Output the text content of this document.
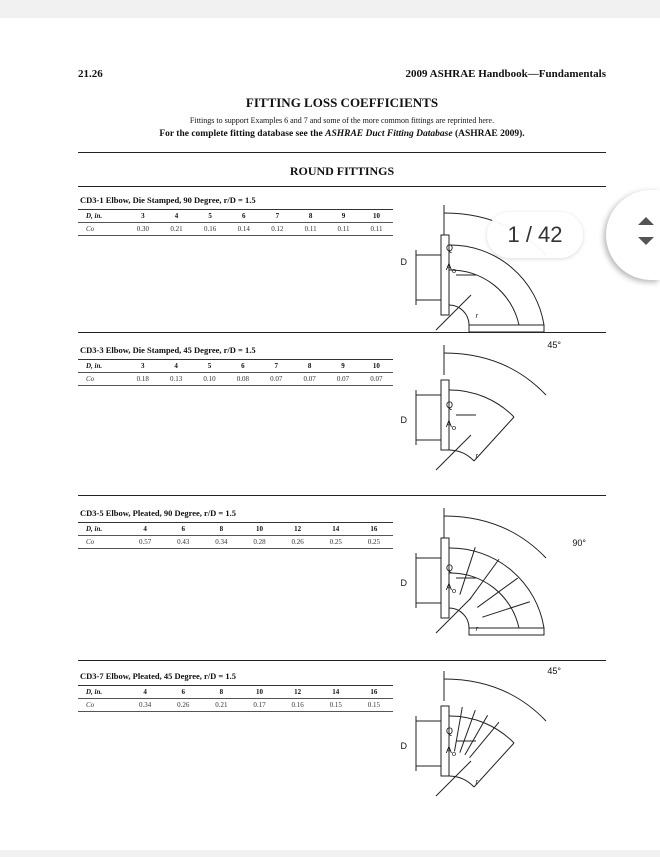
21.26	2009 ASHRAE Handbook—Fundamentals
FITTING LOSS COEFFICIENTS
Fittings to support Examples 6 and 7 and some of the more common fittings are reprinted here.
For the complete fitting database see the ASHRAE Duct Fitting Database (ASHRAE 2009).
ROUND FITTINGS
CD3-1 Elbow, Die Stamped, 90 Degree, r/D = 1.5
D, in.	3	4	5	6	7	8	9	10
Co	0.30	0.21	0.16	0.14	0.12	0.11	0.11	0.11
D
Q
$A_o$
r
CD3-3 Elbow, Die Stamped, 45 Degree, r/D = 1.5
D, in.	3	4	5	6	7	8	9	10
Co	0.18	0.13	0.10	0.08	0.07	0.07	0.07	0.07
D
Q
$A_o$
r
45°
CD3-5 Elbow, Pleated, 90 Degree, r/D = 1.5
D, in.	4	6	8	10	12	14	16
Co	0.57	0.43	0.34	0.28	0.26	0.25	0.25
D
Q
$A_o$
r
90°
CD3-7 Elbow, Pleated, 45 Degree, r/D = 1.5
D, in.	4	6	8	10	12	14	16
Co	0.34	0.26	0.21	0.17	0.16	0.15	0.15
D
Q
$A_o$
r
45°
1 / 42
